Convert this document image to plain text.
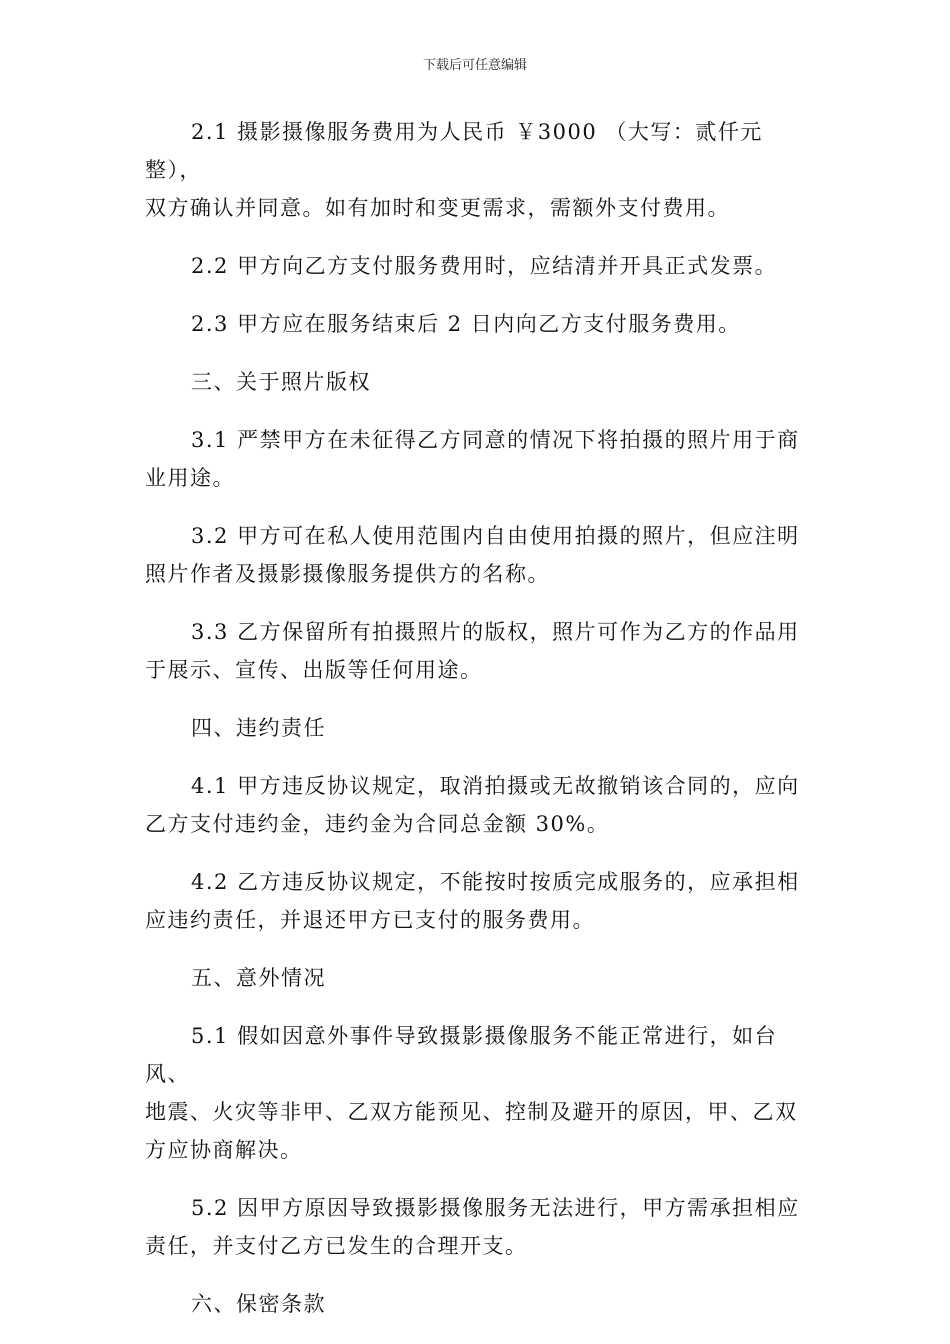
下载后可任意编辑
2.1 摄影摄像服务费用为人民币 ￥3000 （大写：贰仟元整），
双方确认并同意。如有加时和变更需求，需额外支付费用。
2.2 甲方向乙方支付服务费用时，应结清并开具正式发票。
2.3 甲方应在服务结束后 2 日内向乙方支付服务费用。
三、关于照片版权
3.1 严禁甲方在未征得乙方同意的情况下将拍摄的照片用于商
业用途。
3.2 甲方可在私人使用范围内自由使用拍摄的照片，但应注明
照片作者及摄影摄像服务提供方的名称。
3.3 乙方保留所有拍摄照片的版权，照片可作为乙方的作品用
于展示、宣传、出版等任何用途。
四、违约责任
4.1 甲方违反协议规定，取消拍摄或无故撤销该合同的，应向
乙方支付违约金，违约金为合同总金额 30%。
4.2 乙方违反协议规定，不能按时按质完成服务的，应承担相
应违约责任，并退还甲方已支付的服务费用。
五、意外情况
5.1 假如因意外事件导致摄影摄像服务不能正常进行，如台风、
地震、火灾等非甲、乙双方能预见、控制及避开的原因，甲、乙双
方应协商解决。
5.2 因甲方原因导致摄影摄像服务无法进行，甲方需承担相应
责任，并支付乙方已发生的合理开支。
六、保密条款
